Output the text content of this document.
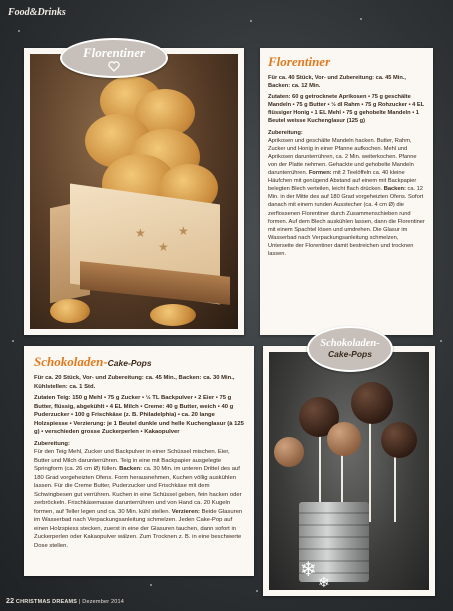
Food&Drinks
★
★
★
Florentiner
Florentiner

Für ca. 40 Stück, Vor- und Zubereitung: ca. 45 Min., Backen: ca. 12 Min.

Zutaten: 60 g getrocknete Aprikosen • 75 g geschälte Mandeln • 75 g Butter • ½ dl Rahm • 75 g Rohzucker • 4 EL flüssiger Honig • 1 EL Mehl • 75 g gehobelte Mandeln • 1 Beutel weisse Kuchenglasur (125 g)

Zubereitung:
Aprikosen und geschälte Mandeln hacken. Butter, Rahm, Zucker und Honig in einer Pfanne aufkochen. Mehl und Aprikosen darunterrühren, ca. 2 Min. weiterkochen. Pfanne von der Platte nehmen. Gehackte und gehobelte Mandeln darunterrühren. Formen: mit 2 Teelöffeln ca. 40 kleine Häufchen mit genügend Abstand auf einem mit Backpapier belegten Blech verteilen, leicht flach drücken. Backen: ca. 12 Min. in der Mitte des auf 180 Grad vorgeheizten Ofens. Sofort danach mit einem runden Ausstecher (ca. 4 cm Ø) die zerflossenen Florentiner durch Zusammenschieben rund formen. Auf dem Blech auskühlen lassen, dann die Florentiner mit einem Spachtel lösen und umdrehen. Die Glasur im Wasserbad nach Verpackungsanleitung schmelzen, Unterseite der Florentiner damit bestreichen und trocknen lassen.

Schokoladen-Cake-Pops

Für ca. 20 Stück, Vor- und Zubereitung: ca. 45 Min., Backen: ca. 30 Min., Kühlstellen: ca. 1 Std.

Zutaten Teig: 150 g Mehl • 75 g Zucker • ½ TL Backpulver • 2 Eier • 75 g Butter, flüssig, abgekühlt • 4 EL Milch • Creme: 40 g Butter, weich • 40 g Puderzucker • 100 g Frischkäse (z. B. Philadelphia) • ca. 20 lange Holzspiesse • Verzierung: je 1 Beutel dunkle und helle Kuchenglasur (à 125 g) • verschieden grosse Zuckerperlen • Kakaopulver

Zubereitung:
Für den Teig Mehl, Zucker und Backpulver in einer Schüssel mischen. Eier, Butter und Milch darunterrühren. Teig in eine mit Backpapier ausgelegte Springform (ca. 26 cm Ø) füllen. Backen: ca. 30 Min. im unteren Drittel des auf 180 Grad vorgeheizten Ofens. Form herausnehmen, Kuchen völlig auskühlen lassen. Für die Creme Butter, Puderzucker und Frischkäse mit dem Schwingbesen gut verrühren. Kuchen in eine Schüssel geben, fein hacken oder zerbröckeln. Frischkäsemasse darunterrühren und von Hand ca. 20 Kugeln formen, auf Teller legen und ca. 30 Min. kühl stellen. Verzieren: Beide Glasuren im Wasserbad nach Verpackungsanleitung schmelzen. Jeden Cake-Pop auf einen Holzspiess stecken, zuerst in eine der Glasuren tauchen, dann sofort in Zuckerperlen oder Kakaopulver wälzen. Zum Trocknen z. B. in eine beschwerte Dose stellen.

Schokoladen-
Cake-Pops
❄
❄
22 CHRISTMAS DREAMS | Dezember 2014
